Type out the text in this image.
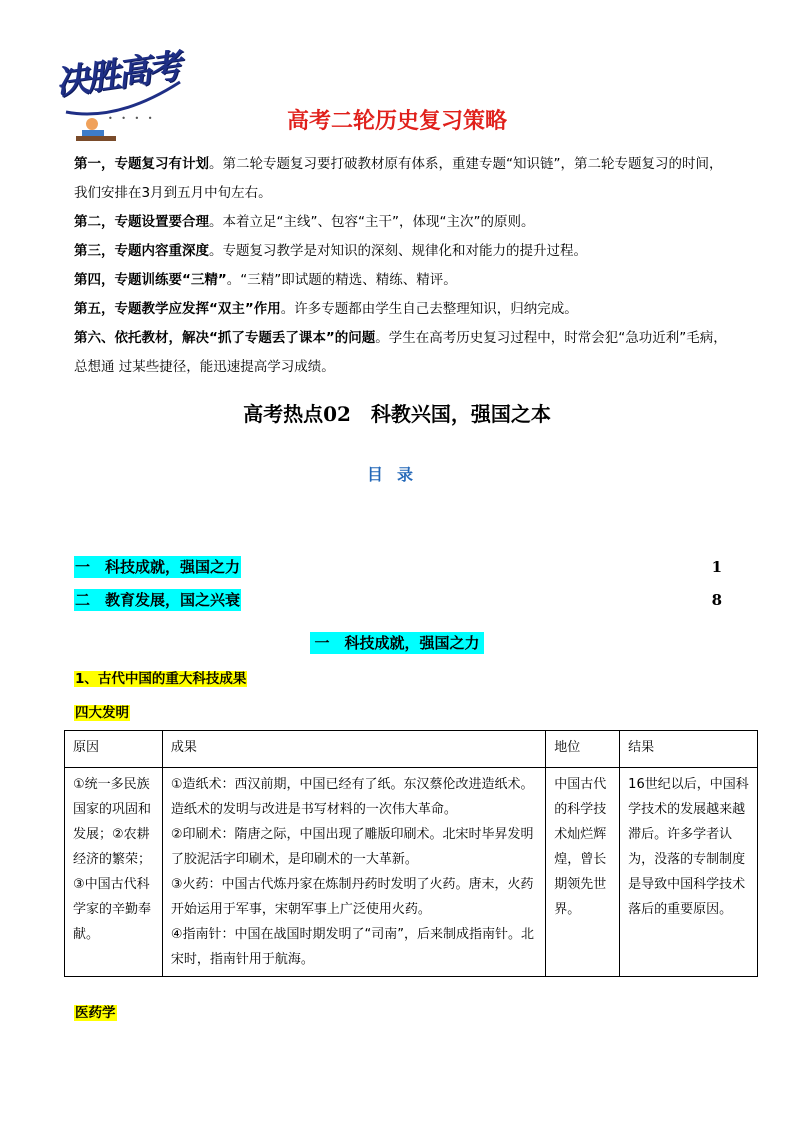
决胜高考
• • • •	高考二轮历史复习策略

第一，专题复习有计划。第二轮专题复习要打破教材原有体系，重建专题“知识链”，第二轮专题复习的时间，我们安排在3月到五月中旬左右。

第二，专题设置要合理。本着立足“主线”、包容“主干”，体现“主次”的原则。

第三，专题内容重深度。专题复习教学是对知识的深刻、规律化和对能力的提升过程。

第四，专题训练要“三精”。“三精”即试题的精选、精练、精评。

第五，专题教学应发挥“双主”作用。许多专题都由学生自己去整理知识，归纳完成。

第六、依托教材，解决“抓了专题丢了课本”的问题。学生在高考历史复习过程中，时常会犯“急功近利”毛病，总想通 过某些捷径，能迅速提高学习成绩。

高考热点02　科教兴国，强国之本
目录
一　科技成就，强国之力	1
二　教育发展，国之兴衰	8
一　科技成就，强国之力
1、古代中国的重大科技成果
四大发明
原因	成果	地位	结果
①统一多民族国家的巩固和发展；②农耕经济的繁荣；③中国古代科学家的辛勤奉献。	①造纸术：西汉前期，中国已经有了纸。东汉蔡伦改进造纸术。造纸术的发明与改进是书写材料的一次伟大革命。
②印刷术：隋唐之际，中国出现了雕版印刷术。北宋时毕昇发明了胶泥活字印刷术，是印刷术的一大革新。
③火药：中国古代炼丹家在炼制丹药时发明了火药。唐末，火药开始运用于军事，宋朝军事上广泛使用火药。
④指南针：中国在战国时期发明了“司南”，后来制成指南针。北宋时，指南针用于航海。	中国古代的科学技术灿烂辉煌，曾长期领先世界。	16世纪以后，中国科学技术的发展越来越滞后。许多学者认为，没落的专制制度是导致中国科学技术落后的重要原因。
医药学
